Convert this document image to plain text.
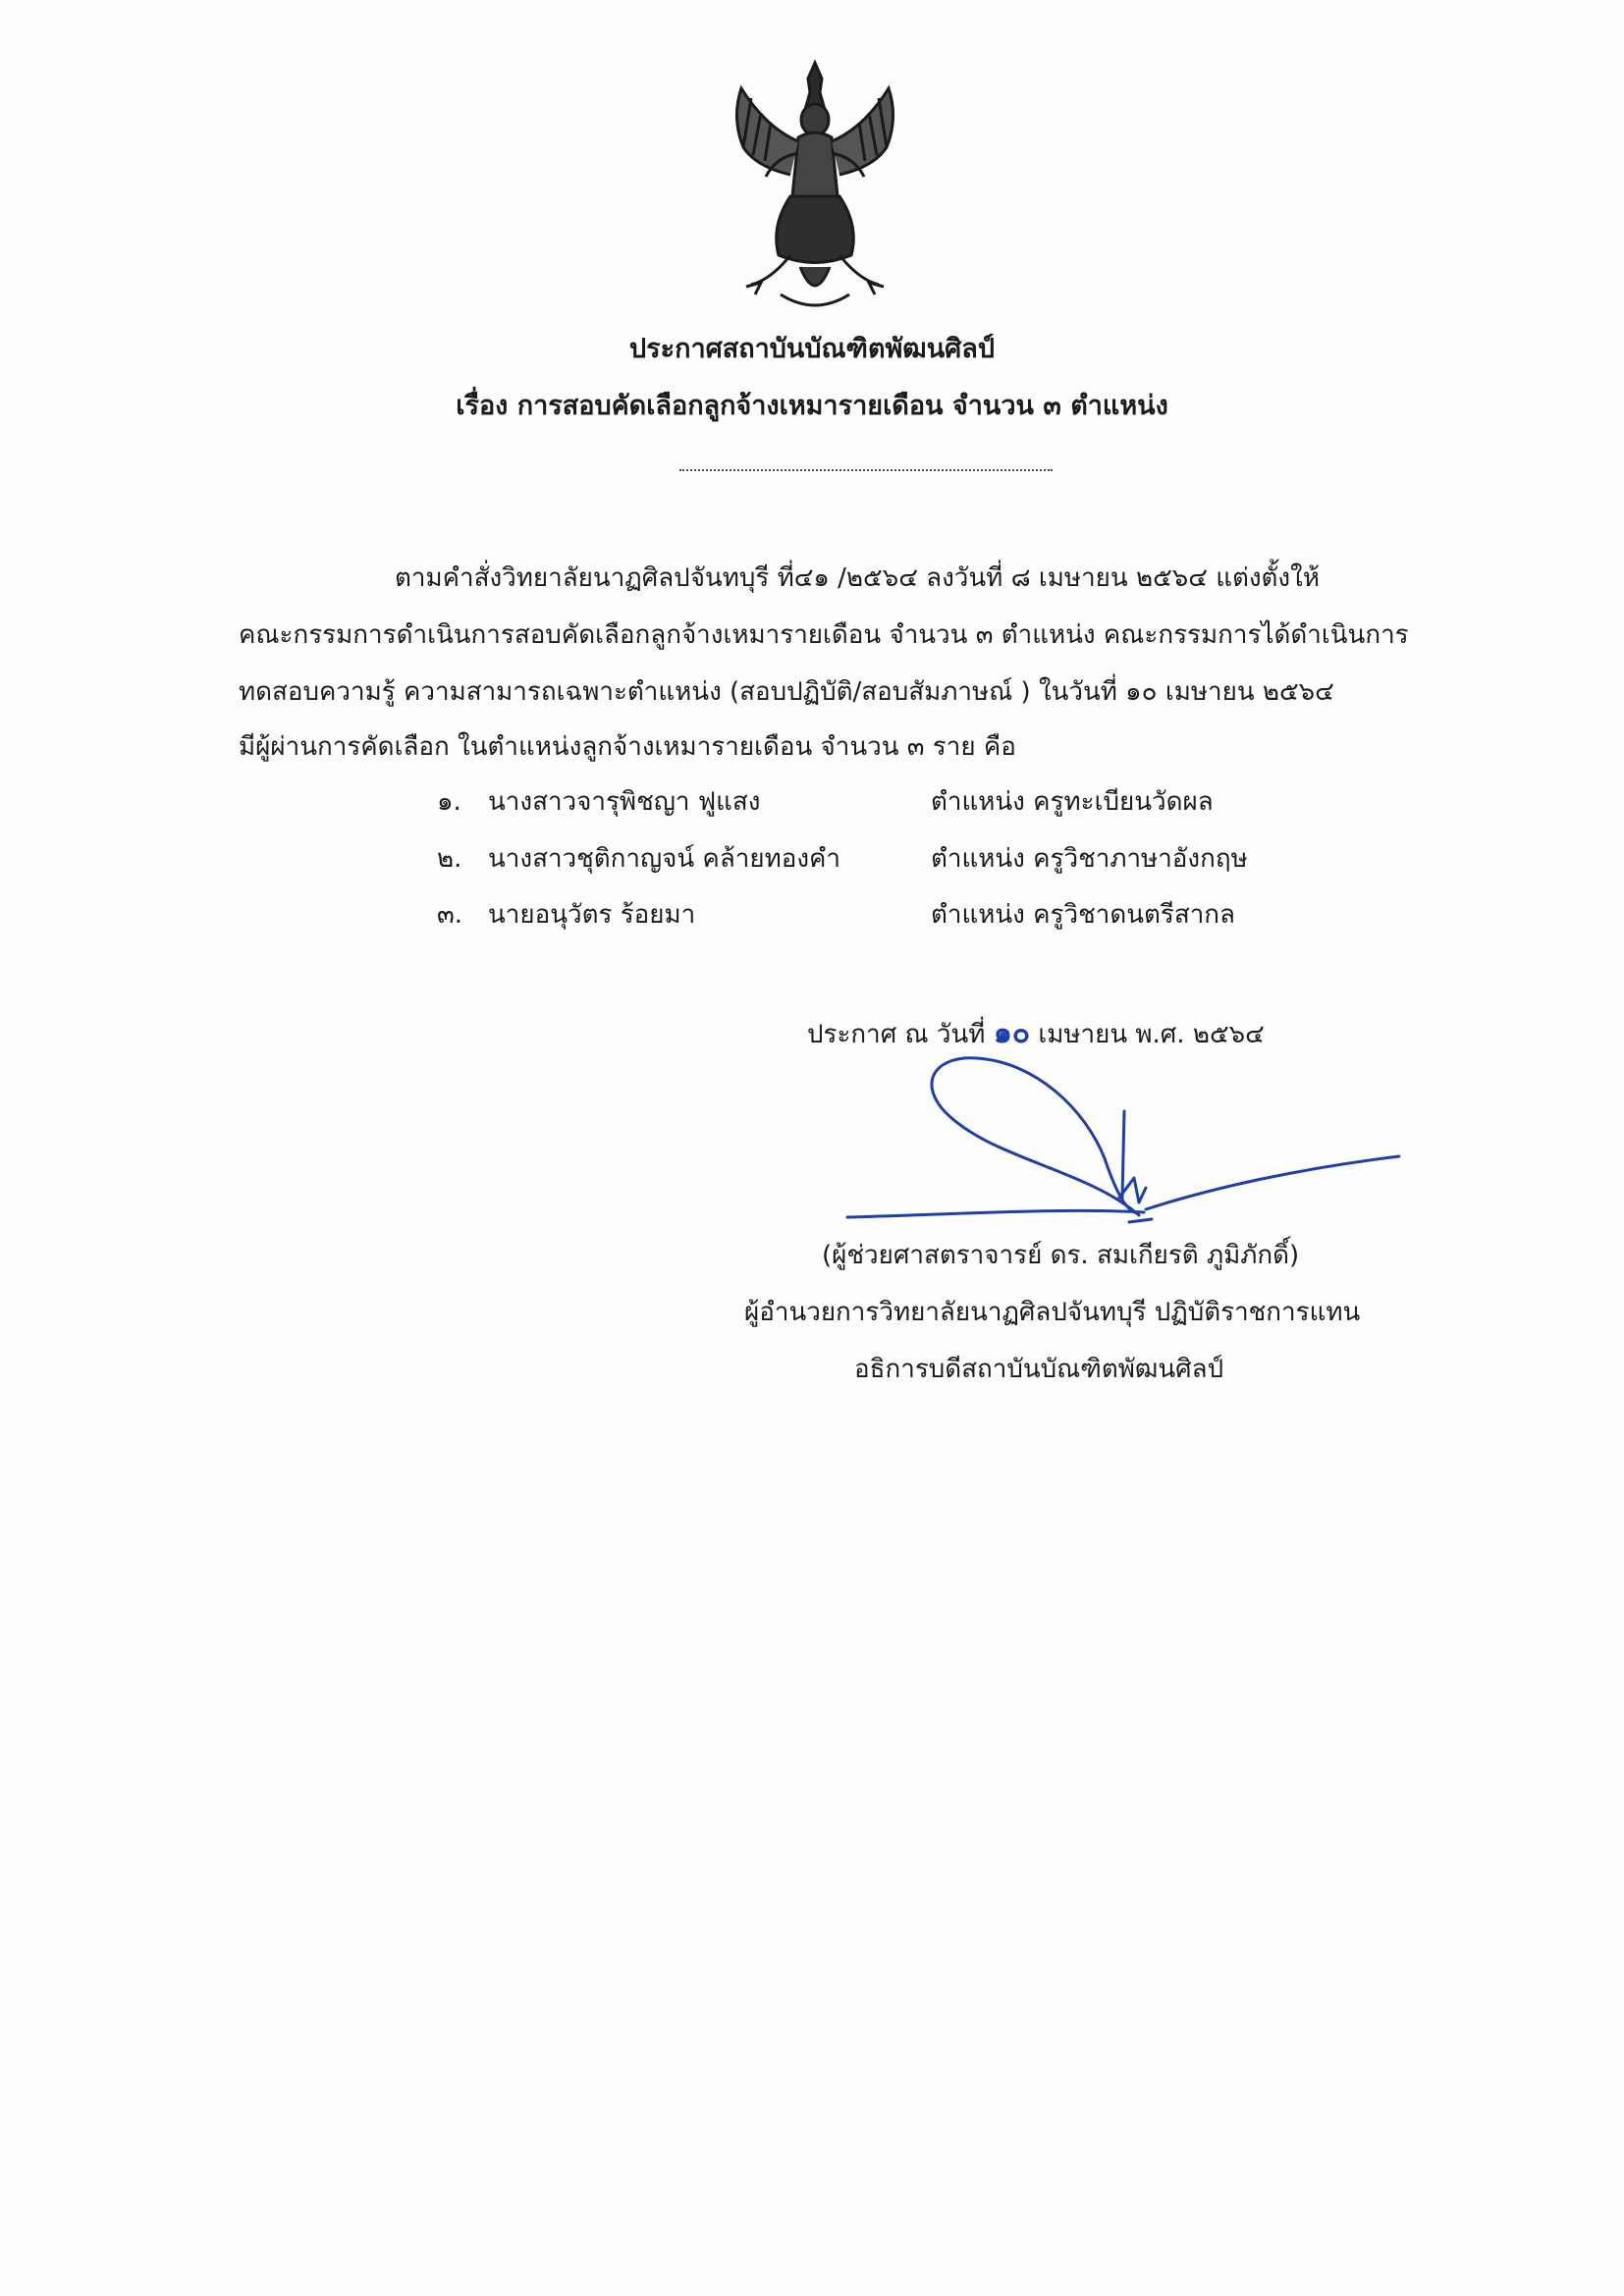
ประกาศสถาบันบัณฑิตพัฒนศิลป์
เรื่อง การสอบคัดเลือกลูกจ้างเหมารายเดือน จำนวน ๓ ตำแหน่ง
ตามคำสั่งวิทยาลัยนาฏศิลปจันทบุรี ที่๔๑ /๒๕๖๔ ลงวันที่ ๘ เมษายน ๒๕๖๔ แต่งตั้งให้
คณะกรรมการดำเนินการสอบคัดเลือกลูกจ้างเหมารายเดือน จำนวน ๓ ตำแหน่ง คณะกรรมการได้ดำเนินการ
ทดสอบความรู้ ความสามารถเฉพาะตำแหน่ง (สอบปฏิบัติ/สอบสัมภาษณ์ ) ในวันที่ ๑๐ เมษายน ๒๕๖๔
มีผู้ผ่านการคัดเลือก ในตำแหน่งลูกจ้างเหมารายเดือน จำนวน ๓ ราย คือ
๑. นางสาวจารุพิชญา ฟูแสง	ตำแหน่ง ครูทะเบียนวัดผล
๒. นางสาวชุติกาญจน์ คล้ายทองคำ	ตำแหน่ง ครูวิชาภาษาอังกฤษ
๓. นายอนุวัตร ร้อยมา	ตำแหน่ง ครูวิชาดนตรีสากล
ประกาศ ณ วันที่ ๑๐ เมษายน พ.ศ. ๒๕๖๔
(ผู้ช่วยศาสตราจารย์ ดร. สมเกียรติ ภูมิภักดิ์)
ผู้อำนวยการวิทยาลัยนาฏศิลปจันทบุรี ปฏิบัติราชการแทน
อธิการบดีสถาบันบัณฑิตพัฒนศิลป์
